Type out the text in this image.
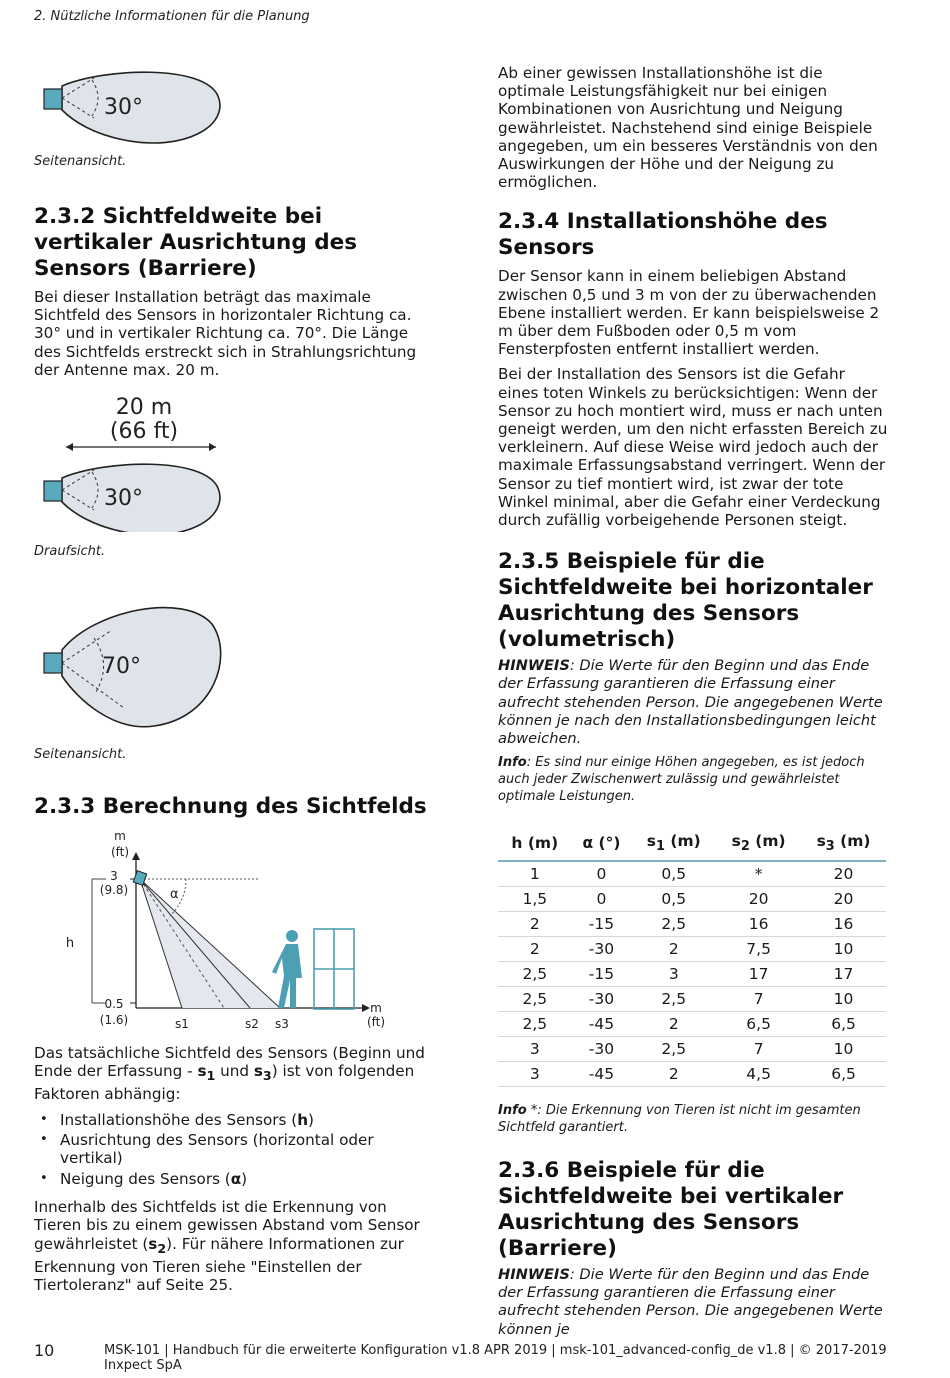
2. Nützliche Informationen für die Planung
30°
Seitenansicht.
2.3.2 Sichtfeldweite bei vertikaler Ausrichtung des Sensors (Barriere)

Bei dieser Installation beträgt das maximale Sichtfeld des Sensors in horizontaler Richtung ca. 30° und in vertikaler Richtung ca. 70°. Die Länge des Sichtfelds erstreckt sich in Strahlungsrichtung der Antenne max. 20 m.

20 m
(66 ft)
30°
Draufsicht.
70°
Seitenansicht.
2.3.3 Berechnung des Sichtfelds
m
(ft)
3
(9.8)
0.5
(1.6)
h
α
s1	s2 s3
m
(ft)

Das tatsächliche Sichtfeld des Sensors (Beginn und Ende der Erfassung - $s_1$ und $s_3$) ist von folgenden Faktoren abhängig:

• Installationshöhe des Sensors (h)
• Ausrichtung des Sensors (horizontal oder vertikal)
• Neigung des Sensors (α)

Innerhalb des Sichtfelds ist die Erkennung von Tieren bis zu einem gewissen Abstand vom Sensor gewährleistet $(s_2)$. Für nähere Informationen zur Erkennung von Tieren siehe "Einstellen der Tiertoleranz" auf Seite 25.

Ab einer gewissen Installationshöhe ist die optimale Leistungsfähigkeit nur bei einigen Kombinationen von Ausrichtung und Neigung gewährleistet. Nachstehend sind einige Beispiele angegeben, um ein besseres Verständnis von den Auswirkungen der Höhe und der Neigung zu ermöglichen.

2.3.4 Installationshöhe des Sensors

Der Sensor kann in einem beliebigen Abstand zwischen 0,5 und 3 m von der zu überwachenden Ebene installiert werden. Er kann beispielsweise 2 m über dem Fußboden oder 0,5 m vom Fensterpfosten entfernt installiert werden.

Bei der Installation des Sensors ist die Gefahr eines toten Winkels zu berücksichtigen: Wenn der Sensor zu hoch montiert wird, muss er nach unten geneigt werden, um den nicht erfassten Bereich zu verkleinern. Auf diese Weise wird jedoch auch der maximale Erfassungsabstand verringert. Wenn der Sensor zu tief montiert wird, ist zwar der tote Winkel minimal, aber die Gefahr einer Verdeckung durch zufällig vorbeigehende Personen steigt.

2.3.5 Beispiele für die Sichtfeldweite bei horizontaler Ausrichtung des Sensors (volumetrisch)

HINWEIS: Die Werte für den Beginn und das Ende der Erfassung garantieren die Erfassung einer aufrecht stehenden Person. Die angegebenen Werte können je nach den Installationsbedingungen leicht abweichen.

Info: Es sind nur einige Höhen angegeben, es ist jedoch auch jeder Zwischenwert zulässig und gewährleistet optimale Leistungen.

h (m)	α (°)	$s_1$ (m)	$s_2$ (m)	$s_3$ (m)
1	0	0,5	*	20
1,5	0	0,5	20	20
2	-15	2,5	16	16
2	-30	2	7,5	10
2,5	-15	3	17	17
2,5	-30	2,5	7	10
2,5	-45	2	6,5	6,5
3	-30	2,5	7	10
3	-45	2	4,5	6,5

Info *: Die Erkennung von Tieren ist nicht im gesamten Sichtfeld garantiert.

2.3.6 Beispiele für die Sichtfeldweite bei vertikaler Ausrichtung des Sensors (Barriere)

HINWEIS: Die Werte für den Beginn und das Ende der Erfassung garantieren die Erfassung einer aufrecht stehenden Person. Die angegebenen Werte können je

10	MSK-101 | Handbuch für die erweiterte Konfiguration v1.8 APR 2019 | msk-101_advanced-config_de v1.8 | © 2017-2019 Inxpect SpA
